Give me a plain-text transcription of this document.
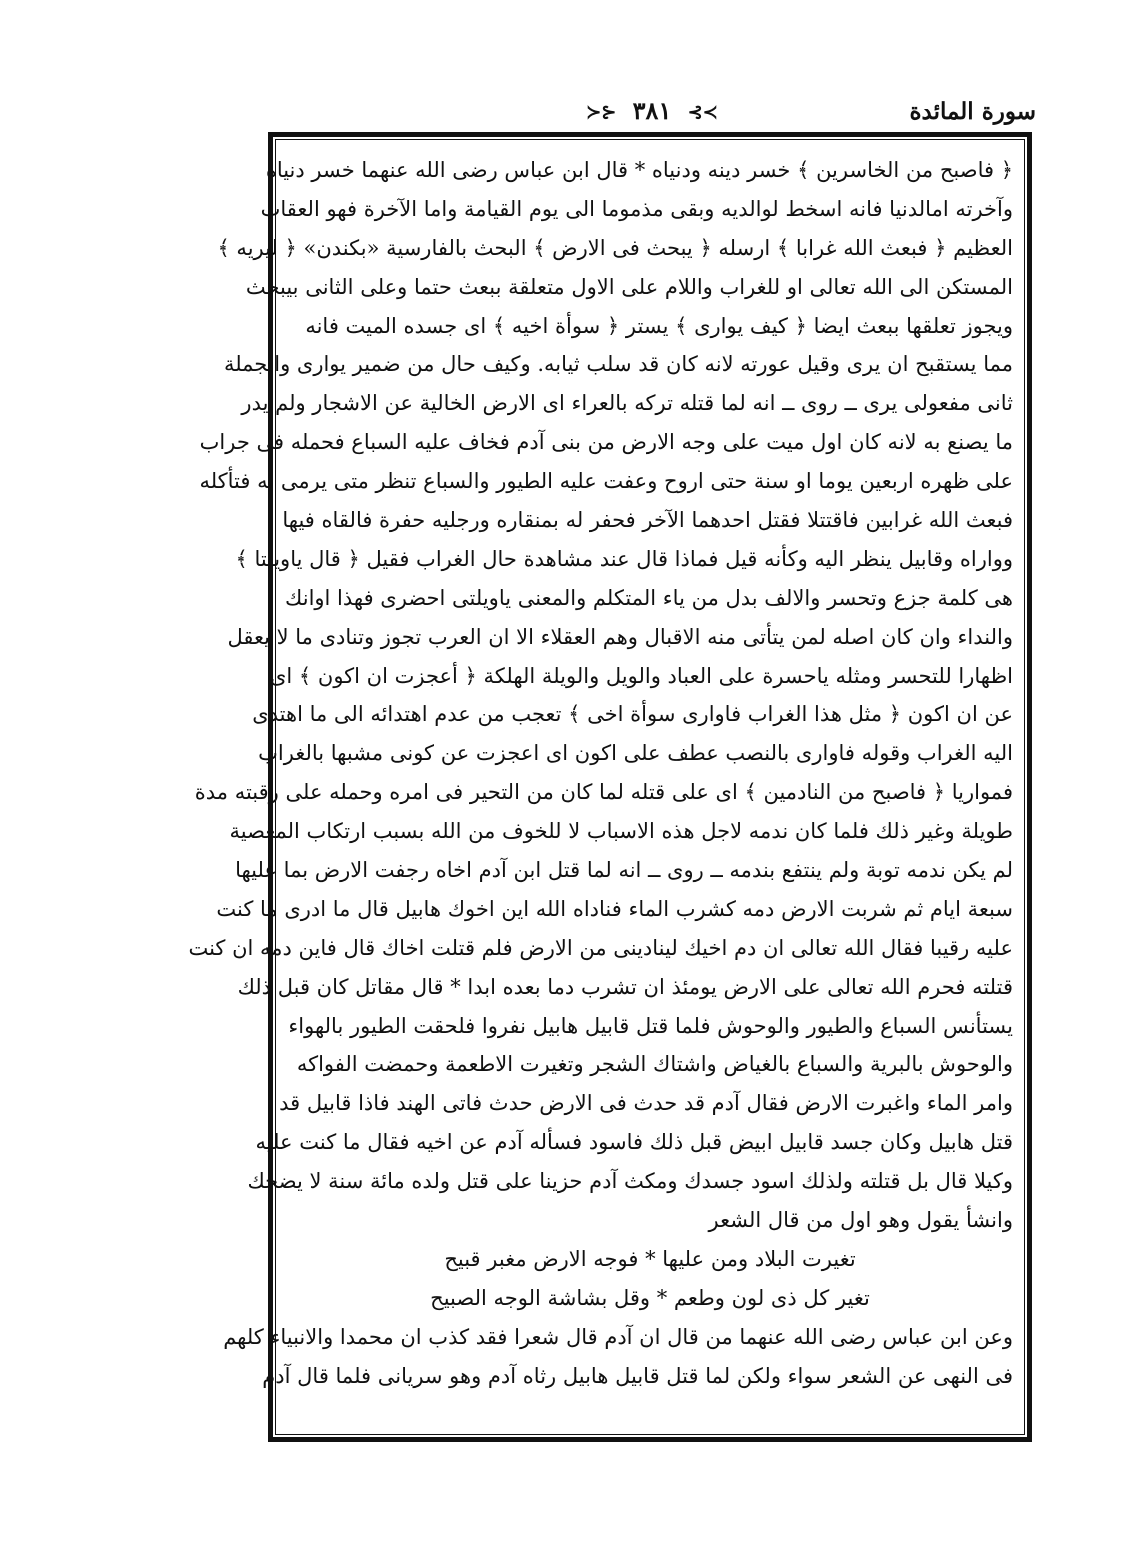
سورة المائدة
≻⊱ ٣٨١ ⊰≺
﴿ فاصبح من الخاسرين ﴾ خسر دينه ودنياه * قال ابن عباس رضى الله عنهما خسر دنياه
وآخرته امالدنيا فانه اسخط لوالديه وبقى مذموما الى يوم القيامة واما الآخرة فهو العقاب
العظيم ﴿ فبعث الله غرابا ﴾ ارسله ﴿ يبحث فى الارض ﴾ البحث بالفارسية «بكندن» ﴿ ليريه ﴾
المستكن الى الله تعالى او للغراب واللام على الاول متعلقة ببعث حتما وعلى الثانى بيبحث
ويجوز تعلقها ببعث ايضا ﴿ كيف يوارى ﴾ يستر ﴿ سوأة اخيه ﴾ اى جسده الميت فانه
مما يستقبح ان يرى وقيل عورته لانه كان قد سلب ثيابه. وكيف حال من ضمير يوارى والجملة
ثانى مفعولى يرى ــ روى ــ انه لما قتله تركه بالعراء اى الارض الخالية عن الاشجار ولم يدر
ما يصنع به لانه كان اول ميت على وجه الارض من بنى آدم فخاف عليه السباع فحمله فى جراب
على ظهره اربعين يوما او سنة حتى اروح وعفت عليه الطيور والسباع تنظر متى يرمى به فتأكله
فبعث الله غرابين فاقتتلا فقتل احدهما الآخر فحفر له بمنقاره ورجليه حفرة فالقاه فيها
وواراه وقابيل ينظر اليه وكأنه قيل فماذا قال عند مشاهدة حال الغراب فقيل ﴿ قال ياويلتا ﴾
هى كلمة جزع وتحسر والالف بدل من ياء المتكلم والمعنى ياويلتى احضرى فهذا اوانك
والنداء وان كان اصله لمن يتأتى منه الاقبال وهم العقلاء الا ان العرب تجوز وتنادى ما لا يعقل
اظهارا للتحسر ومثله ياحسرة على العباد والويل والويلة الهلكة ﴿ أعجزت ان اكون ﴾ اى
عن ان اكون ﴿ مثل هذا الغراب فاوارى سوأة اخى ﴾ تعجب من عدم اهتدائه الى ما اهتدى
اليه الغراب وقوله فاوارى بالنصب عطف على اكون اى اعجزت عن كونى مشبها بالغراب
فمواريا ﴿ فاصبح من النادمين ﴾ اى على قتله لما كان من التحير فى امره وحمله على رقبته مدة
طويلة وغير ذلك فلما كان ندمه لاجل هذه الاسباب لا للخوف من الله بسبب ارتكاب المعصية
لم يكن ندمه توبة ولم ينتفع بندمه ــ روى ــ انه لما قتل ابن آدم اخاه رجفت الارض بما عليها
سبعة ايام ثم شربت الارض دمه كشرب الماء فناداه الله اين اخوك هابيل قال ما ادرى ما كنت
عليه رقيبا فقال الله تعالى ان دم اخيك لينادينى من الارض فلم قتلت اخاك قال فاين دمه ان كنت
قتلته فحرم الله تعالى على الارض يومئذ ان تشرب دما بعده ابدا * قال مقاتل كان قبل ذلك
يستأنس السباع والطيور والوحوش فلما قتل قابيل هابيل نفروا فلحقت الطيور بالهواء
والوحوش بالبرية والسباع بالغياض واشتاك الشجر وتغيرت الاطعمة وحمضت الفواكه
وامر الماء واغبرت الارض فقال آدم قد حدث فى الارض حدث فاتى الهند فاذا قابيل قد
قتل هابيل وكان جسد قابيل ابيض قبل ذلك فاسود فسأله آدم عن اخيه فقال ما كنت عليه
وكيلا قال بل قتلته ولذلك اسود جسدك ومكث آدم حزينا على قتل ولده مائة سنة لا يضحك
وانشأ يقول وهو اول من قال الشعر
تغيرت البلاد ومن عليها * فوجه الارض مغبر قبيح
تغير كل ذى لون وطعم * وقل بشاشة الوجه الصبيح
وعن ابن عباس رضى الله عنهما من قال ان آدم قال شعرا فقد كذب ان محمدا والانبياء كلهم
فى النهى عن الشعر سواء ولكن لما قتل قابيل هابيل رثاه آدم وهو سريانى فلما قال آدم
